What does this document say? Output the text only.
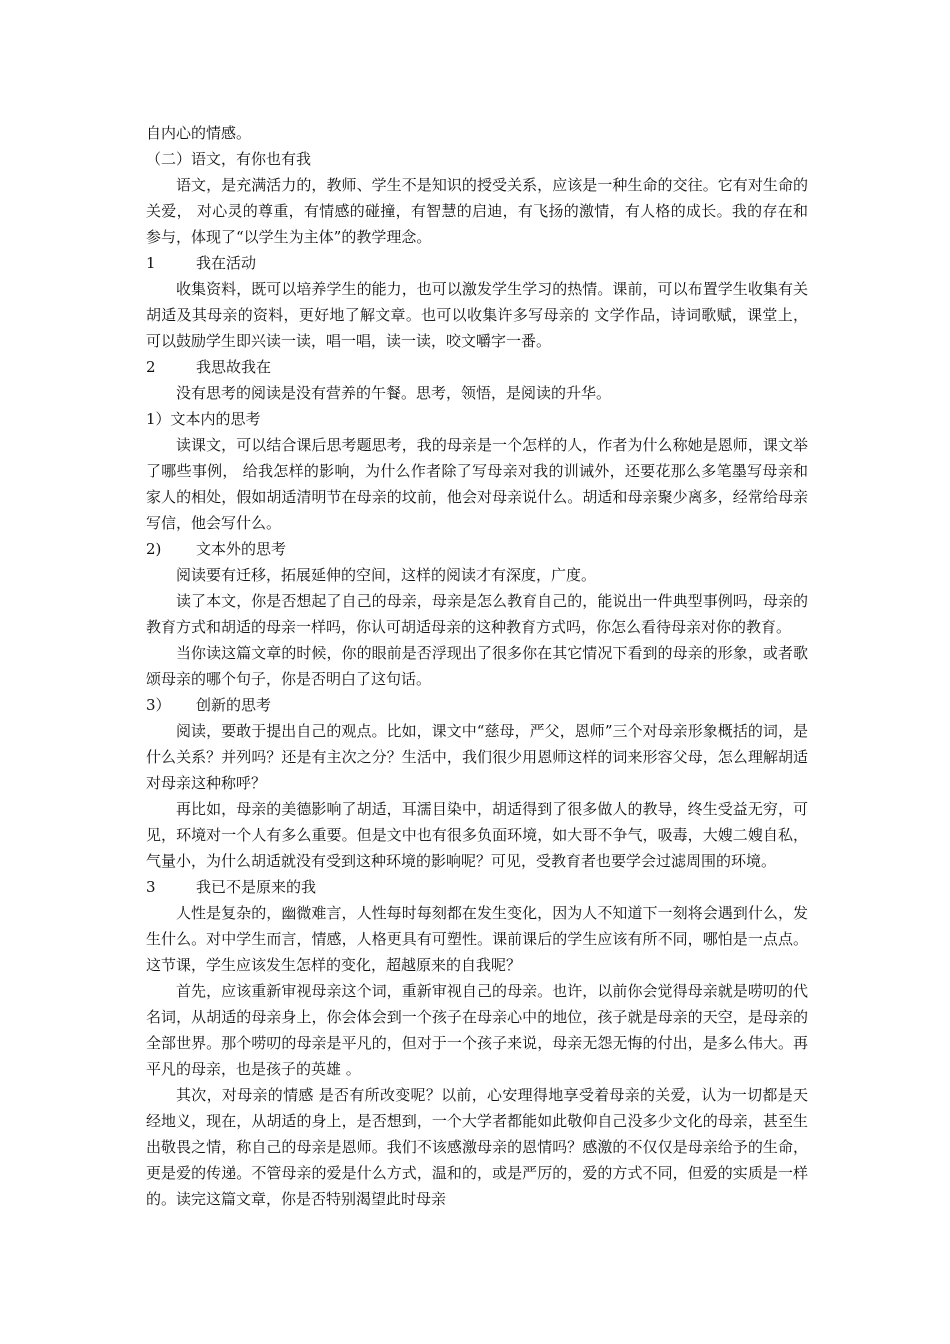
自内心的情感。

（二）语文，有你也有我

语文，是充满活力的，教师、学生不是知识的授受关系，应该是一种生命的交往。它有对生命的关爱， 对心灵的尊重，有情感的碰撞，有智慧的启迪，有飞扬的激情，有人格的成长。我的存在和参与，体现了“以学生为主体”的教学理念。

1	我在活动

收集资料，既可以培养学生的能力，也可以激发学生学习的热情。课前，可以布置学生收集有关胡适及其母亲的资料，更好地了解文章。也可以收集许多写母亲的 文学作品，诗词歌赋，课堂上，可以鼓励学生即兴读一读，唱一唱，读一读，咬文嚼字一番。

2	我思故我在

没有思考的阅读是没有营养的午餐。思考，领悟，是阅读的升华。

1）文本内的思考

读课文，可以结合课后思考题思考，我的母亲是一个怎样的人，作者为什么称她是恩师，课文举了哪些事例， 给我怎样的影响，为什么作者除了写母亲对我的训诫外，还要花那么多笔墨写母亲和家人的相处，假如胡适清明节在母亲的坟前，他会对母亲说什么。胡适和母亲聚少离多，经常给母亲写信，他会写什么。

2) 文本外的思考

阅读要有迁移，拓展延伸的空间，这样的阅读才有深度，广度。

读了本文，你是否想起了自己的母亲，母亲是怎么教育自己的，能说出一件典型事例吗，母亲的教育方式和胡适的母亲一样吗，你认可胡适母亲的这种教育方式吗，你怎么看待母亲对你的教育。

当你读这篇文章的时候，你的眼前是否浮现出了很多你在其它情况下看到的母亲的形象，或者歌颂母亲的哪个句子，你是否明白了这句话。

3） 创新的思考

阅读，要敢于提出自己的观点。比如，课文中“慈母，严父，恩师”三个对母亲形象概括的词，是什么关系？并列吗？还是有主次之分？生活中，我们很少用恩师这样的词来形容父母，怎么理解胡适对母亲这种称呼？

再比如，母亲的美德影响了胡适，耳濡目染中，胡适得到了很多做人的教导，终生受益无穷，可见，环境对一个人有多么重要。但是文中也有很多负面环境，如大哥不争气，吸毒，大嫂二嫂自私，气量小，为什么胡适就没有受到这种环境的影响呢？可见，受教育者也要学会过滤周围的环境。

3	我已不是原来的我

人性是复杂的，幽微难言，人性每时每刻都在发生变化，因为人不知道下一刻将会遇到什么，发生什么。对中学生而言，情感，人格更具有可塑性。课前课后的学生应该有所不同，哪怕是一点点。这节课，学生应该发生怎样的变化，超越原来的自我呢？

首先，应该重新审视母亲这个词，重新审视自己的母亲。也许，以前你会觉得母亲就是唠叨的代名词，从胡适的母亲身上，你会体会到一个孩子在母亲心中的地位，孩子就是母亲的天空，是母亲的全部世界。那个唠叨的母亲是平凡的，但对于一个孩子来说，母亲无怨无悔的付出，是多么伟大。再平凡的母亲，也是孩子的英雄 。

其次，对母亲的情感 是否有所改变呢？以前，心安理得地享受着母亲的关爱，认为一切都是天经地义，现在，从胡适的身上，是否想到，一个大学者都能如此敬仰自己没多少文化的母亲，甚至生出敬畏之情，称自己的母亲是恩师。我们不该感激母亲的恩情吗？感激的不仅仅是母亲给予的生命，更是爱的传递。不管母亲的爱是什么方式，温和的，或是严厉的，爱的方式不同，但爱的实质是一样的。读完这篇文章，你是否特别渴望此时母亲
